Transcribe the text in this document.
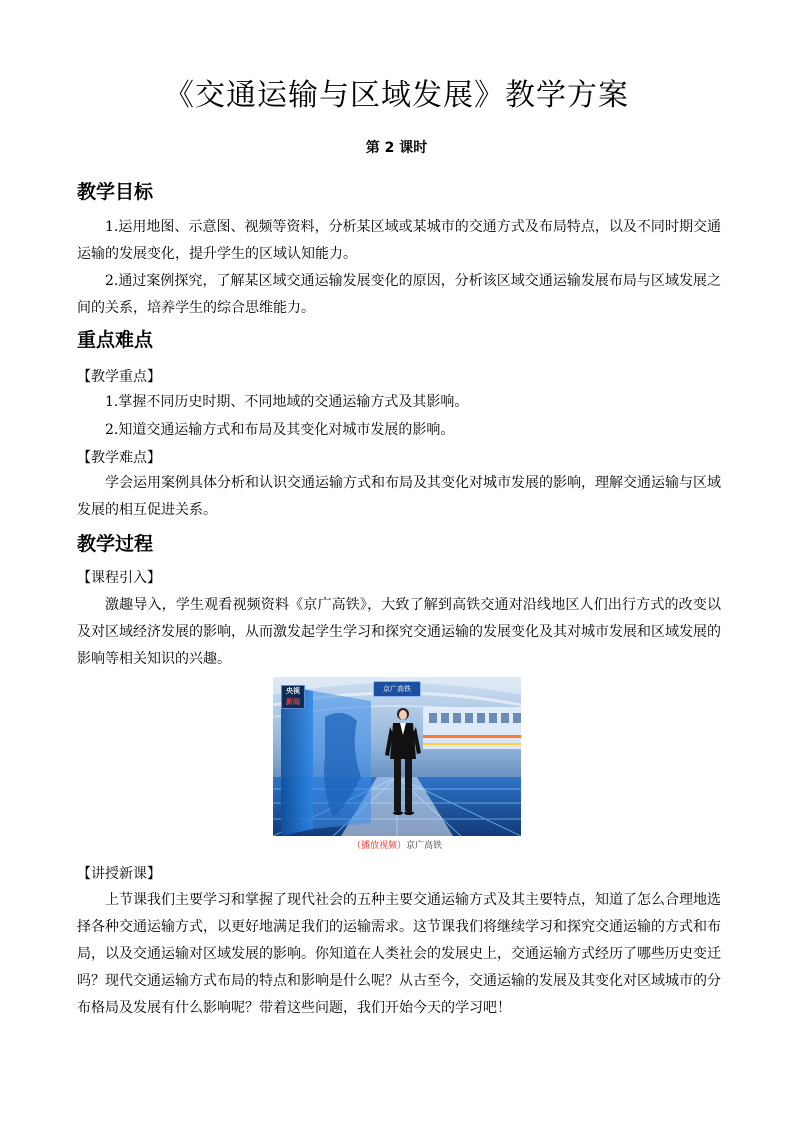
《交通运输与区域发展》教学方案
第 2 课时
教学目标
1.运用地图、示意图、视频等资料，分析某区域或某城市的交通方式及布局特点，以及不同时期交通运输的发展变化，提升学生的区域认知能力。
2.通过案例探究，了解某区域交通运输发展变化的原因，分析该区域交通运输发展布局与区域发展之间的关系，培养学生的综合思维能力。
重点难点
【教学重点】
1.掌握不同历史时期、不同地域的交通运输方式及其影响。
2.知道交通运输方式和布局及其变化对城市发展的影响。
【教学难点】
学会运用案例具体分析和认识交通运输方式和布局及其变化对城市发展的影响，理解交通运输与区域发展的相互促进关系。
教学过程
【课程引入】
激趣导入，学生观看视频资料《京广高铁》，大致了解到高铁交通对沿线地区人们出行方式的改变以及对区域经济发展的影响，从而激发起学生学习和探究交通运输的发展变化及其对城市发展和区域发展的影响等相关知识的兴趣。
央视
新闻
京广高铁
（播放视频）京广高铁
【讲授新课】
上节课我们主要学习和掌握了现代社会的五种主要交通运输方式及其主要特点，知道了怎么合理地选择各种交通运输方式，以更好地满足我们的运输需求。这节课我们将继续学习和探究交通运输的方式和布局，以及交通运输对区域发展的影响。你知道在人类社会的发展史上，交通运输方式经历了哪些历史变迁吗？现代交通运输方式布局的特点和影响是什么呢？从古至今，交通运输的发展及其变化对区域城市的分布格局及发展有什么影响呢？带着这些问题，我们开始今天的学习吧！
